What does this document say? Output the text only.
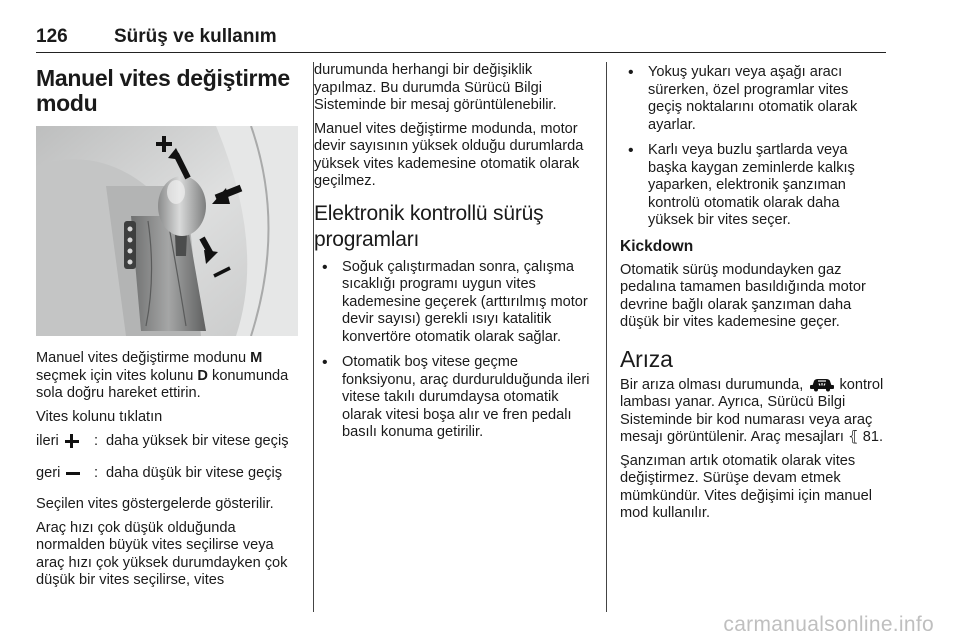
126 Sürüş ve kullanım
Manuel vites değiştirme modu

Manuel vites değiştirme modunu M seçmek için vites kolunu D konumunda sola doğru hareket ettirin.

Vites kolunu tıklatın

ileri : daha yüksek bir vitese geçiş
geri : daha düşük bir vitese geçiş

Seçilen vites göstergelerde gösterilir.

Araç hızı çok düşük olduğunda normalden büyük vites seçilirse veya araç hızı çok yüksek durumdayken çok düşük bir vites seçilirse, vites

durumunda herhangi bir değişiklik yapılmaz. Bu durumda Sürücü Bilgi Sisteminde bir mesaj görüntülenebilir.

Manuel vites değiştirme modunda, motor devir sayısının yüksek olduğu durumlarda yüksek vites kademesine otomatik olarak geçilmez.

Elektronik kontrollü sürüş programları
• Soğuk çalıştırmadan sonra, çalışma sıcaklığı programı uygun vites kademesine geçerek (arttırılmış motor devir sayısı) gerekli ısıyı katalitik konvertöre otomatik olarak sağlar.
• Otomatik boş vitese geçme fonksiyonu, araç durdurulduğunda ileri vitese takılı durumdaysa otomatik olarak vitesi boşa alır ve fren pedalı basılı konuma getirilir.
• Yokuş yukarı veya aşağı aracı sürerken, özel programlar vites geçiş noktalarını otomatik olarak ayarlar.
• Karlı veya buzlu şartlarda veya başka kaygan zeminlerde kalkış yaparken, elektronik şanzıman kontrolü otomatik olarak daha yüksek bir vites seçer.
Kickdown

Otomatik sürüş modundayken gaz pedalına tamamen basıldığında motor devrine bağlı olarak şanzıman daha düşük bir vites kademesine geçer.

Arıza

Bir arıza olması durumunda, kontrol lambası yanar. Ayrıca, Sürücü Bilgi Sisteminde bir kod numarası veya araç mesajı görüntülenir. Araç mesajları ⦃ 81.

Şanzıman artık otomatik olarak vites değiştirmez. Sürüşe devam etmek mümkündür. Vites değişimi için manuel mod kullanılır.

carmanualsonline.info
